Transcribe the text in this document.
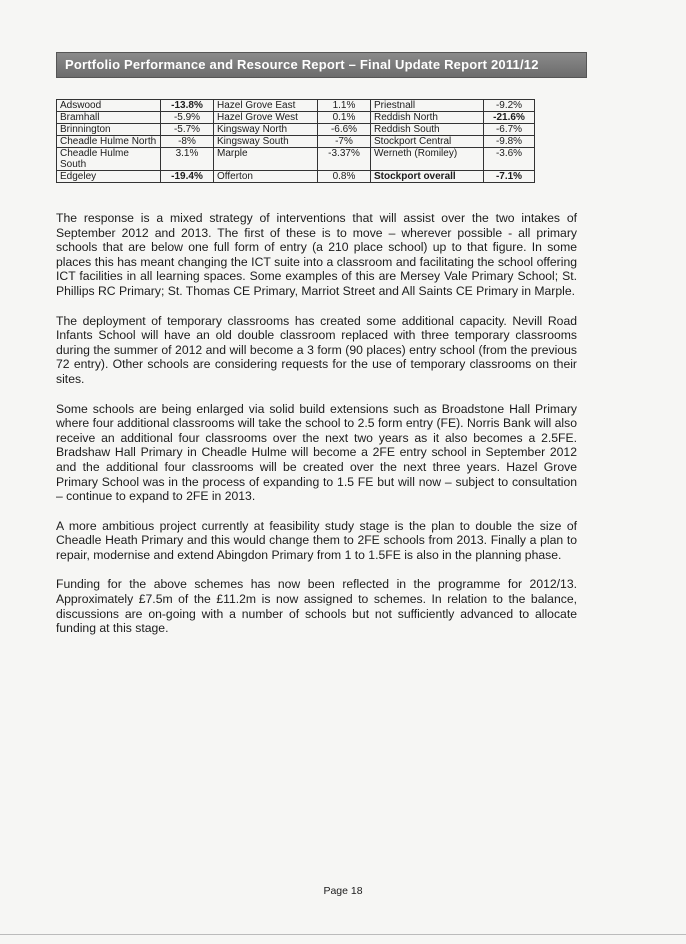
Portfolio Performance and Resource Report – Final Update Report 2011/12
Adswood	-13.8%	Hazel Grove East	1.1%	Priestnall	-9.2%
Bramhall	-5.9%	Hazel Grove West	0.1%	Reddish North	-21.6%
Brinnington	-5.7%	Kingsway North	-6.6%	Reddish South	-6.7%
Cheadle Hulme North	-8%	Kingsway South	-7%	Stockport Central	-9.8%
Cheadle Hulme South	3.1%	Marple	-3.37%	Werneth (Romiley)	-3.6%
Edgeley	-19.4%	Offerton	0.8%	Stockport overall	-7.1%

The response is a mixed strategy of interventions that will assist over the two intakes of September 2012 and 2013. The first of these is to move – wherever possible - all primary schools that are below one full form of entry (a 210 place school) up to that figure. In some places this has meant changing the ICT suite into a classroom and facilitating the school offering ICT facilities in all learning spaces. Some examples of this are Mersey Vale Primary School; St. Phillips RC Primary; St. Thomas CE Primary, Marriot Street and All Saints CE Primary in Marple.

The deployment of temporary classrooms has created some additional capacity. Nevill Road Infants School will have an old double classroom replaced with three temporary classrooms during the summer of 2012 and will become a 3 form (90 places) entry school (from the previous 72 entry). Other schools are considering requests for the use of temporary classrooms on their sites.

Some schools are being enlarged via solid build extensions such as Broadstone Hall Primary where four additional classrooms will take the school to 2.5 form entry (FE). Norris Bank will also receive an additional four classrooms over the next two years as it also becomes a 2.5FE. Bradshaw Hall Primary in Cheadle Hulme will become a 2FE entry school in September 2012 and the additional four classrooms will be created over the next three years. Hazel Grove Primary School was in the process of expanding to 1.5 FE but will now – subject to consultation – continue to expand to 2FE in 2013.

A more ambitious project currently at feasibility study stage is the plan to double the size of Cheadle Heath Primary and this would change them to 2FE schools from 2013. Finally a plan to repair, modernise and extend Abingdon Primary from 1 to 1.5FE is also in the planning phase.

Funding for the above schemes has now been reflected in the programme for 2012/13. Approximately £7.5m of the £11.2m is now assigned to schemes. In relation to the balance, discussions are on-going with a number of schools but not sufficiently advanced to allocate funding at this stage.

Page 18
